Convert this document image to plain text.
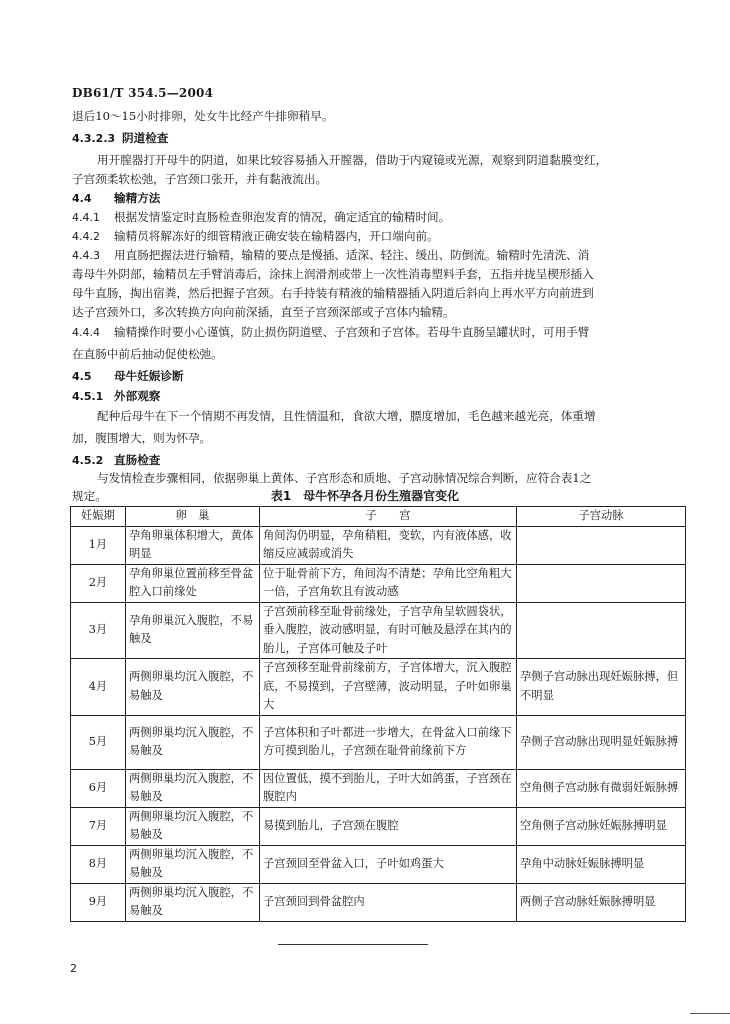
DB61/T 354.5—2004
退后10～15小时排卵，处女牛比经产牛排卵稍早。
4.3.2.3 阴道检查
用开膣器打开母牛的阴道，如果比较容易插入开膣器，借助于内窥镜或光源，观察到阴道黏膜变红，
子宫颈柔软松弛，子宫颈口张开，并有黏液流出。
4.4 输精方法
4.4.1 根据发情鉴定时直肠检查卵泡发育的情况，确定适宜的输精时间。
4.4.2 输精员将解冻好的细管精液正确安装在输精器内，开口端向前。
4.4.3 用直肠把握法进行输精，输精的要点是慢插、适深、轻注、缓出、防倒流。输精时先清洗、消
毒母牛外阴部，输精员左手臂消毒后，涂抹上润滑剂或带上一次性消毒塑料手套，五指并拢呈楔形插入
母牛直肠，掏出宿粪，然后把握子宫颈。右手持装有精液的输精器插入阴道后斜向上再水平方向前进到
达子宫颈外口，多次转换方向向前深插，直至子宫颈深部或子宫体内输精。
4.4.4 输精操作时要小心谨慎，防止损伤阴道壁、子宫颈和子宫体。若母牛直肠呈罐状时，可用手臂
在直肠中前后抽动促使松弛。
4.5 母牛妊娠诊断
4.5.1 外部观察
配种后母牛在下一个情期不再发情，且性情温和，食欲大增，膘度增加，毛色越来越光亮，体重增
加，腹围增大，则为怀孕。
表1　母牛怀孕各月份生殖器官变化
妊娠期	卵　巢	子　　宫	子宫动脉
1月	孕角卵巢体积增大，黄体明显	角间沟仍明显，孕角稍粗，变软，内有液体感，收缩反应减弱或消失	
2月	孕角卵巢位置前移至骨盆腔入口前缘处	位于耻骨前下方，角间沟不清楚；孕角比空角粗大一倍，子宫角软且有波动感	
3月	孕角卵巢沉入腹腔，不易触及	子宫颈前移至耻骨前缘处，子宫孕角呈软圆袋状，垂入腹腔，波动感明显，有时可触及悬浮在其内的胎儿，子宫体可触及子叶	
4月	两侧卵巢均沉入腹腔，不易触及	子宫颈移至耻骨前缘前方，子宫体增大，沉入腹腔底，不易摸到，子宫壁薄，波动明显，子叶如卵巢大	孕侧子宫动脉出现妊娠脉搏，但不明显
5月	两侧卵巢均沉入腹腔，不易触及	子宫体积和子叶都进一步增大，在骨盆入口前缘下方可摸到胎儿，子宫颈在耻骨前缘前下方	孕侧子宫动脉出现明显妊娠脉搏
6月	两侧卵巢均沉入腹腔，不易触及	因位置低，摸不到胎儿，子叶大如鸽蛋，子宫颈在腹腔内	空角侧子宫动脉有微弱妊娠脉搏
7月	两侧卵巢均沉入腹腔，不易触及	易摸到胎儿，子宫颈在腹腔	空角侧子宫动脉妊娠脉搏明显
8月	两侧卵巢均沉入腹腔，不易触及	子宫颈回至骨盆入口，子叶如鸡蛋大	孕角中动脉妊娠脉搏明显
9月	两侧卵巢均沉入腹腔，不易触及	子宫颈回到骨盆腔内	两侧子宫动脉妊娠脉搏明显
2
4.5.2 直肠检查
与发情检查步骤相同，依据卵巢上黄体、子宫形态和质地、子宫动脉情况综合判断，应符合表1之
规定。
